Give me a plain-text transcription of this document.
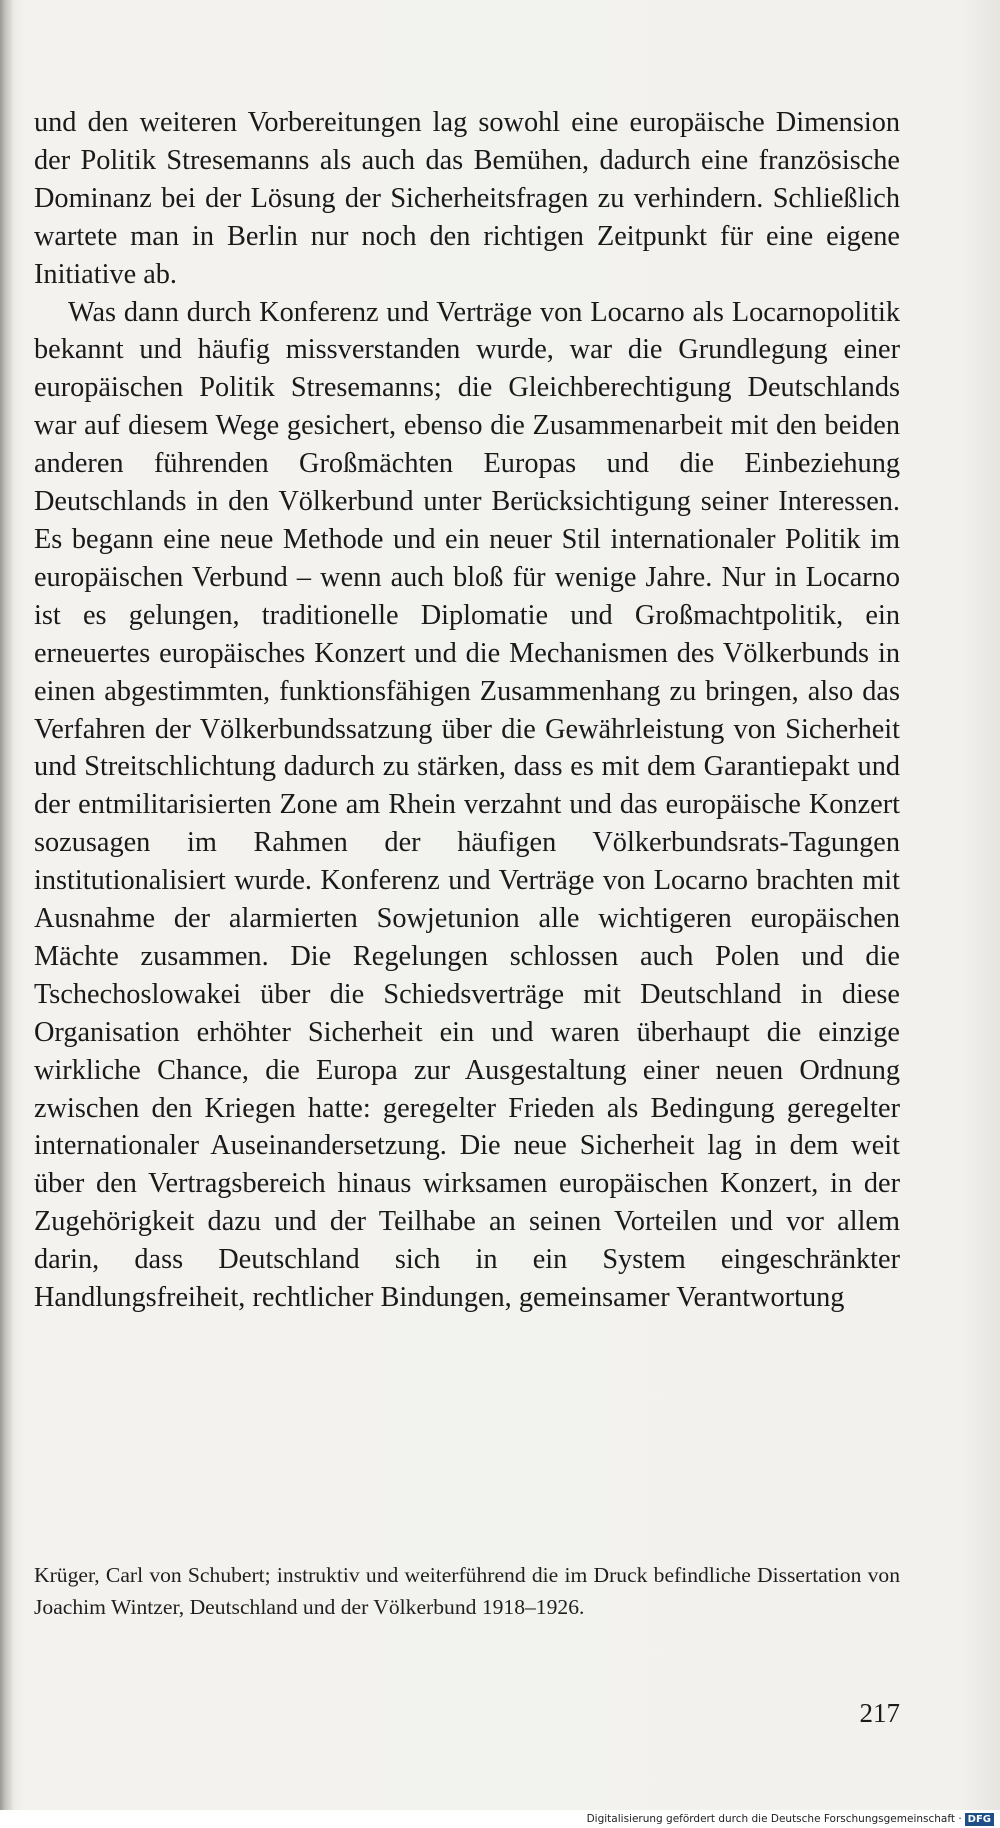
und den weiteren Vorbereitungen lag sowohl eine europäische Dimension der Politik Stresemanns als auch das Bemühen, dadurch eine französische Dominanz bei der Lösung der Sicherheitsfragen zu verhindern. Schließlich wartete man in Berlin nur noch den richtigen Zeitpunkt für eine eigene Initiative ab.

Was dann durch Konferenz und Verträge von Locarno als Locarnopolitik bekannt und häufig missverstanden wurde, war die Grundlegung einer europäischen Politik Stresemanns; die Gleichberechtigung Deutschlands war auf diesem Wege gesichert, ebenso die Zusammenarbeit mit den beiden anderen führenden Großmächten Europas und die Einbeziehung Deutschlands in den Völkerbund unter Berücksichtigung seiner Interessen. Es begann eine neue Methode und ein neuer Stil internationaler Politik im europäischen Verbund – wenn auch bloß für wenige Jahre. Nur in Locarno ist es gelungen, traditionelle Diplomatie und Großmachtpolitik, ein erneuertes europäisches Konzert und die Mechanismen des Völkerbunds in einen abgestimmten, funktionsfähigen Zusammenhang zu bringen, also das Verfahren der Völkerbundssatzung über die Gewährleistung von Sicherheit und Streitschlichtung dadurch zu stärken, dass es mit dem Garantiepakt und der entmilitarisierten Zone am Rhein verzahnt und das europäische Konzert sozusagen im Rahmen der häufigen Völkerbundsrats-Tagungen institutionalisiert wurde. Konferenz und Verträge von Locarno brachten mit Ausnahme der alarmierten Sowjetunion alle wichtigeren europäischen Mächte zusammen. Die Regelungen schlossen auch Polen und die Tschechoslowakei über die Schiedsverträge mit Deutschland in diese Organisation erhöhter Sicherheit ein und waren überhaupt die einzige wirkliche Chance, die Europa zur Ausgestaltung einer neuen Ordnung zwischen den Kriegen hatte: geregelter Frieden als Bedingung geregelter internationaler Auseinandersetzung. Die neue Sicherheit lag in dem weit über den Vertragsbereich hinaus wirksamen europäischen Konzert, in der Zugehörigkeit dazu und der Teilhabe an seinen Vorteilen und vor allem darin, dass Deutschland sich in ein System eingeschränkter Handlungsfreiheit, rechtlicher Bindungen, gemeinsamer Verantwortung

Krüger, Carl von Schubert; instruktiv und weiterführend die im Druck befindliche Dissertation von Joachim Wintzer, Deutschland und der Völkerbund 1918–1926.

217
Digitalisierung gefördert durch die Deutsche Forschungsgemeinschaft · DFG
